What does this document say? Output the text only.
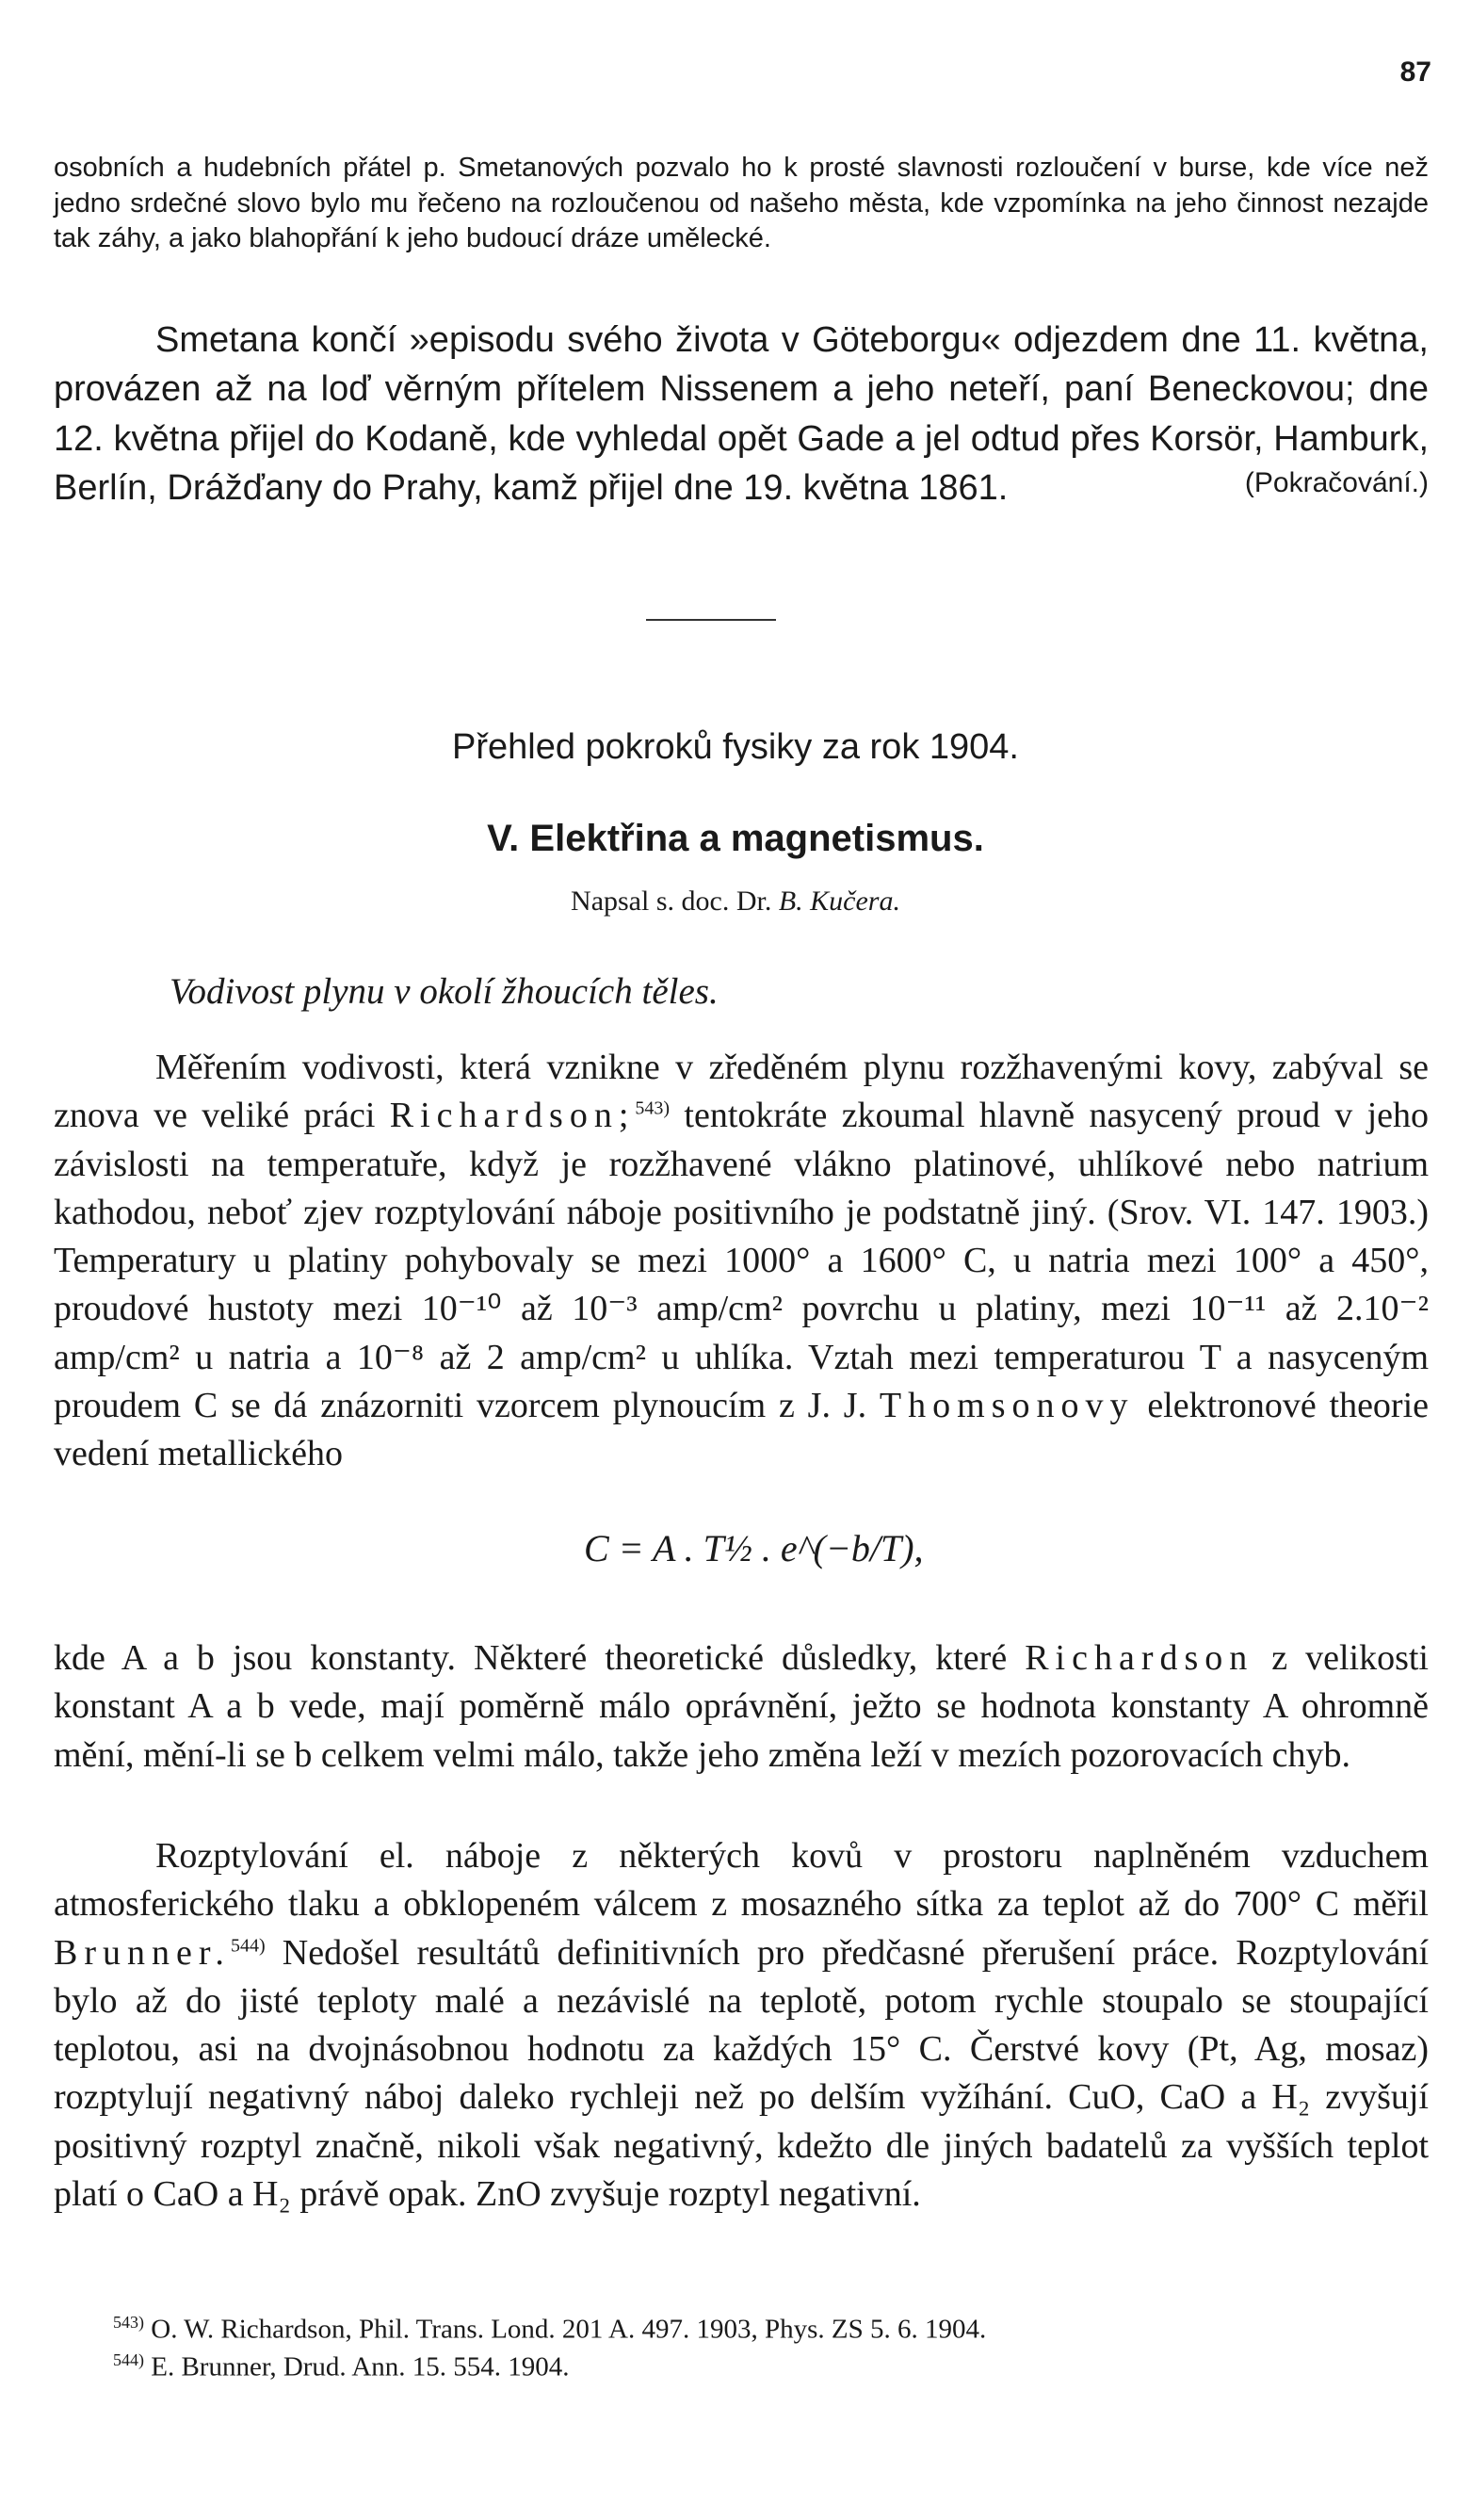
87
osobních a hudebních přátel p. Smetanových pozvalo ho k prosté slavnosti rozloučení v burse, kde více než jedno srdečné slovo bylo mu řečeno na rozloučenou od našeho města, kde vzpomínka na jeho činnost nezajde tak záhy, a jako blahopřání k jeho budoucí dráze umělecké.
Smetana končí »episodu svého života v Göteborgu« odjezdem dne 11. května, provázen až na loď věrným přítelem Nissenem a jeho neteří, paní Beneckovou; dne 12. května přijel do Kodaně, kde vyhledal opět Gade a jel odtud přes Korsör, Hamburk, Berlín, Drážďany do Prahy, kamž přijel dne 19. května 1861.	(Pokračování.)
Přehled pokroků fysiky za rok 1904.
V. Elektřina a magnetismus.
Napsal s. doc. Dr. B. Kučera.
Vodivost plynu v okolí žhoucích těles.
Měřením vodivosti, která vznikne v zředěném plynu rozžhavenými kovy, zabýval se znova ve veliké práci Richardson;$^{543)}$ tentokráte zkoumal hlavně nasycený proud v jeho závislosti na temperatuře, když je rozžhavené vlákno platinové, uhlíkové nebo natrium kathodou, neboť zjev rozptylování náboje positivního je podstatně jiný. (Srov. VI. 147. 1903.) Temperatury u platiny pohybovaly se mezi 1000° a 1600° C, u natria mezi 100° a 450°, proudové hustoty mezi 10⁻¹⁰ až 10⁻³ amp/cm² povrchu u platiny, mezi 10⁻¹¹ až 2.10⁻² amp/cm² u natria a 10⁻⁸ až 2 amp/cm² u uhlíka. Vztah mezi temperaturou T a nasyceným proudem C se dá znázorniti vzorcem plynoucím z J. J. Thomsonovy elektronové theorie vedení metallického
C = A . T½ . e^(−b/T),
kde A a b jsou konstanty. Některé theoretické důsledky, které Richardson z velikosti konstant A a b vede, mají poměrně málo oprávnění, ježto se hodnota konstanty A ohromně mění, mění-li se b celkem velmi málo, takže jeho změna leží v mezích pozorovacích chyb.
Rozptylování el. náboje z některých kovů v prostoru naplněném vzduchem atmosferického tlaku a obklopeném válcem z mosazného sítka za teplot až do 700° C měřil Brunner.$^{544)}$ Nedošel resultátů definitivních pro předčasné přerušení práce. Rozptylování bylo až do jisté teploty malé a nezávislé na teplotě, potom rychle stoupalo se stoupající teplotou, asi na dvojnásobnou hodnotu za každých 15° C. Čerstvé kovy (Pt, Ag, mosaz) rozptylují negativný náboj daleko rychleji než po delším vyžíhání. CuO, CaO a H₂ zvyšují positivný rozptyl značně, nikoli však negativný, kdežto dle jiných badatelů za vyšších teplot platí o CaO a H₂ právě opak. ZnO zvyšuje rozptyl negativní.
$^{543)}$ O. W. Richardson, Phil. Trans. Lond. 201 A. 497. 1903, Phys. ZS 5. 6. 1904.
$^{544)}$ E. Brunner, Drud. Ann. 15. 554. 1904.
